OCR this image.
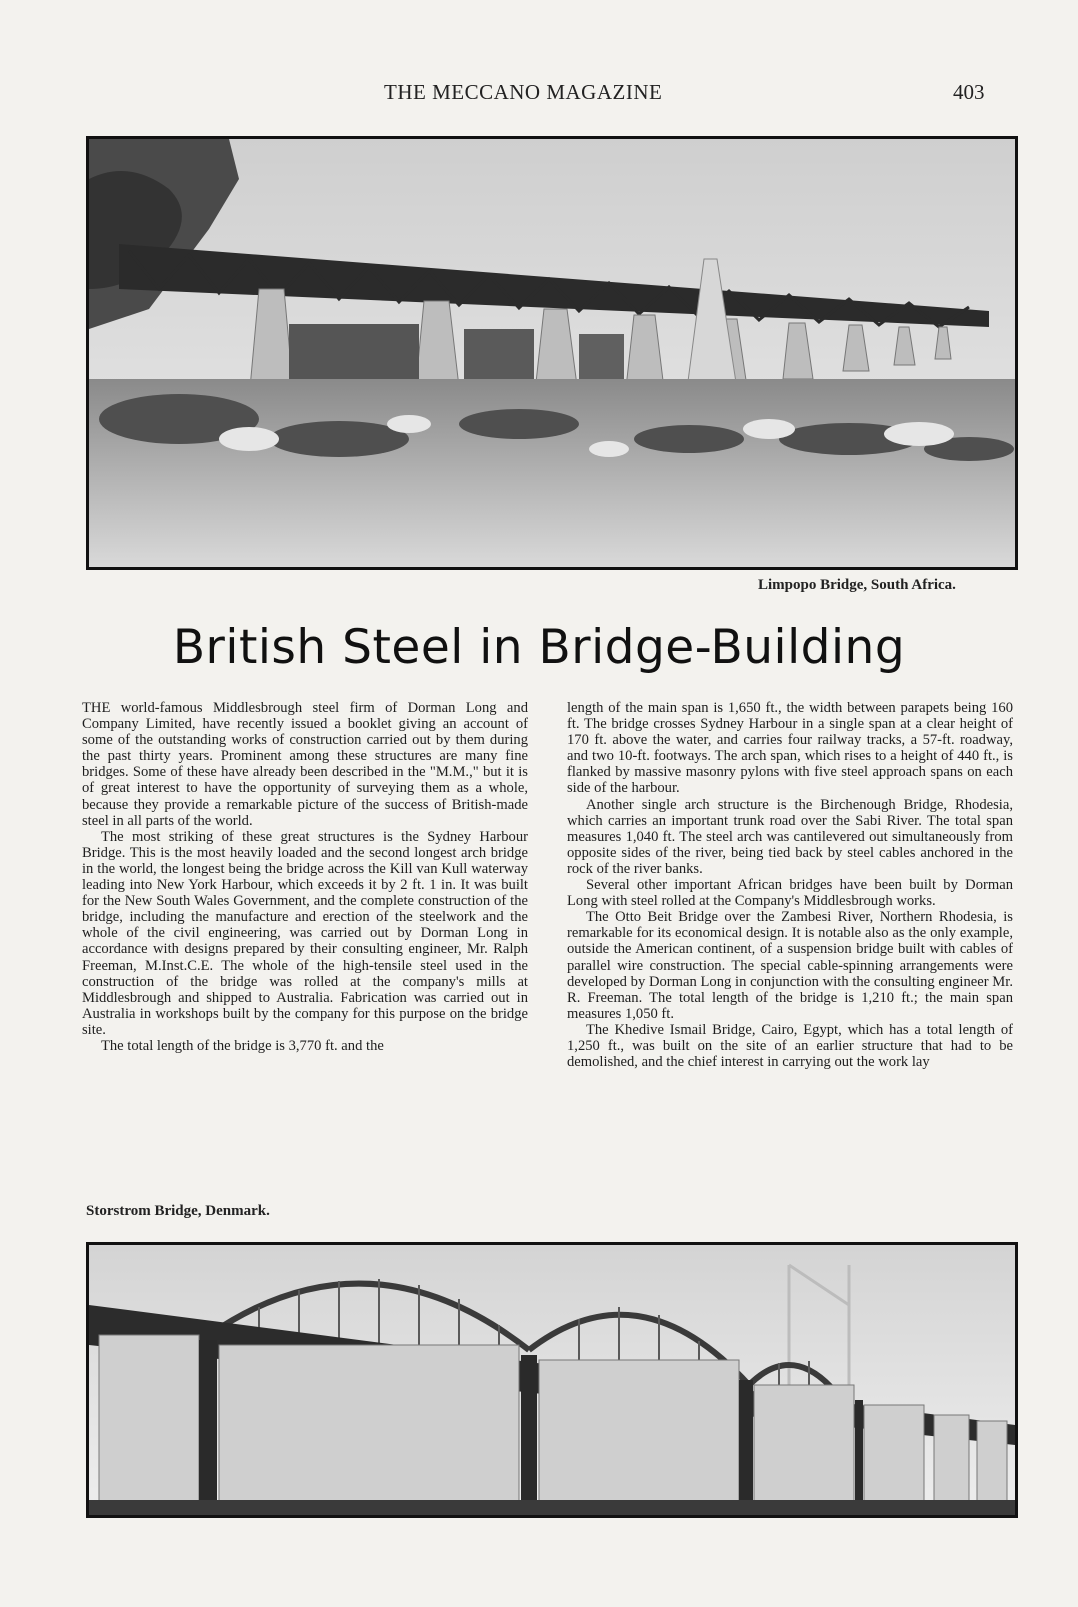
THE MECCANO MAGAZINE	403
Limpopo Bridge, South Africa.
British Steel in Bridge-Building

THE world-famous Middlesbrough steel firm of Dorman Long and Company Limited, have recently issued a booklet giving an account of some of the outstanding works of construction carried out by them during the past thirty years. Prominent among these structures are many fine bridges. Some of these have already been described in the "M.M.," but it is of great interest to have the opportunity of surveying them as a whole, because they provide a remarkable picture of the success of British-made steel in all parts of the world.

The most striking of these great structures is the Sydney Harbour Bridge. This is the most heavily loaded and the second longest arch bridge in the world, the longest being the bridge across the Kill van Kull waterway leading into New York Harbour, which exceeds it by 2 ft. 1 in. It was built for the New South Wales Government, and the complete construction of the bridge, including the manufacture and erection of the steelwork and the whole of the civil engineering, was carried out by Dorman Long in accordance with designs prepared by their consulting engineer, Mr. Ralph Freeman, M.Inst.C.E. The whole of the high-tensile steel used in the construction of the bridge was rolled at the company's mills at Middlesbrough and shipped to Australia. Fabrication was carried out in Australia in workshops built by the company for this purpose on the bridge site.

The total length of the bridge is 3,770 ft. and the

length of the main span is 1,650 ft., the width between parapets being 160 ft. The bridge crosses Sydney Harbour in a single span at a clear height of 170 ft. above the water, and carries four railway tracks, a 57-ft. roadway, and two 10-ft. footways. The arch span, which rises to a height of 440 ft., is flanked by massive masonry pylons with five steel approach spans on each side of the harbour.

Another single arch structure is the Birchenough Bridge, Rhodesia, which carries an important trunk road over the Sabi River. The total span measures 1,040 ft. The steel arch was cantilevered out simultaneously from opposite sides of the river, being tied back by steel cables anchored in the rock of the river banks.

Several other important African bridges have been built by Dorman Long with steel rolled at the Company's Middlesbrough works.

The Otto Beit Bridge over the Zambesi River, Northern Rhodesia, is remarkable for its economical design. It is notable also as the only example, outside the American continent, of a suspension bridge built with cables of parallel wire construction. The special cable-spinning arrangements were developed by Dorman Long in conjunction with the consulting engineer Mr. R. Freeman. The total length of the bridge is 1,210 ft.; the main span measures 1,050 ft.

The Khedive Ismail Bridge, Cairo, Egypt, which has a total length of 1,250 ft., was built on the site of an earlier structure that had to be demolished, and the chief interest in carrying out the work lay

Storstrom Bridge, Denmark.
